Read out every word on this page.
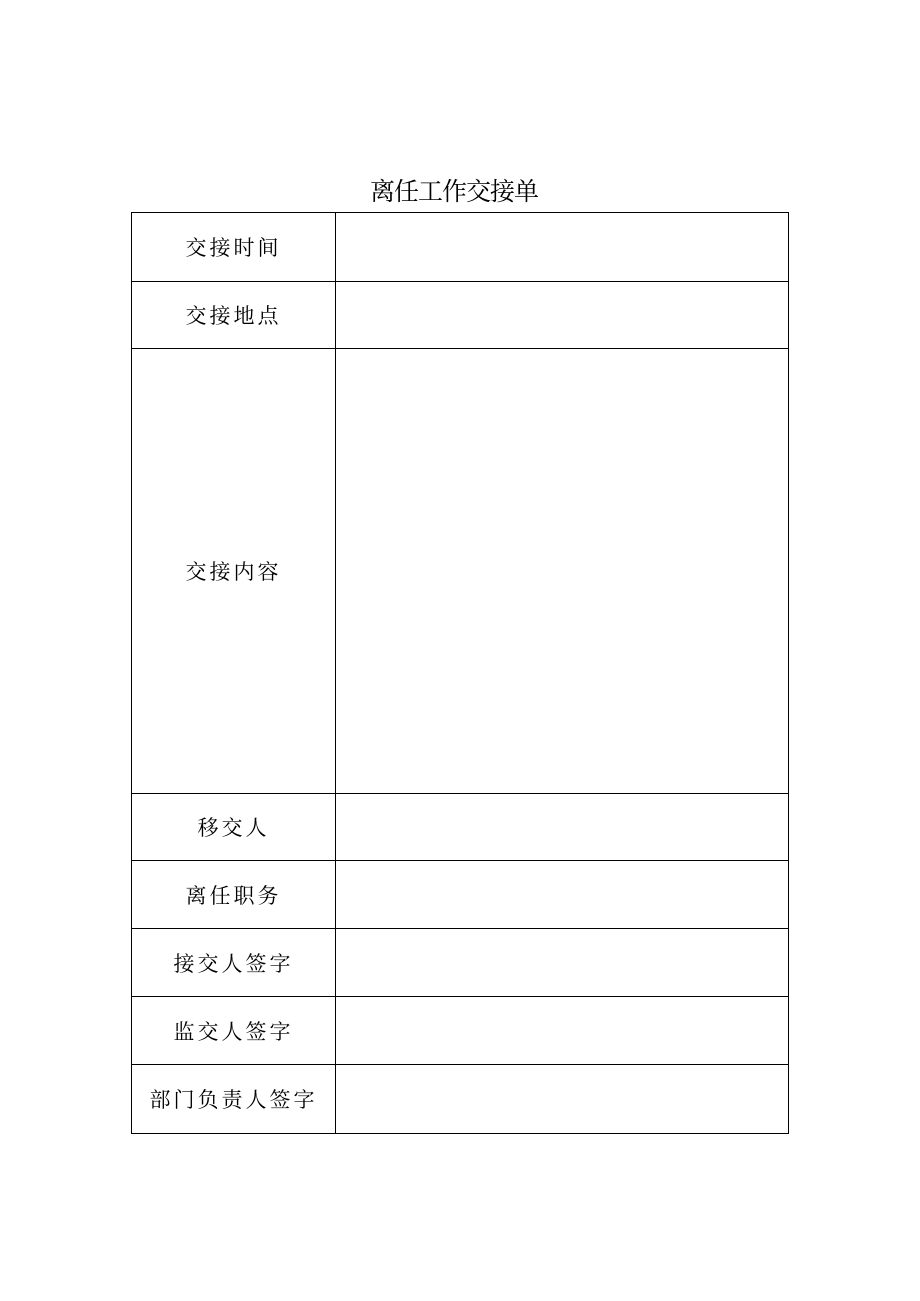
离任工作交接单
交接时间	
交接地点	
交接内容	
移交人	
离任职务	
接交人签字	
监交人签字	
部门负责人签字	
